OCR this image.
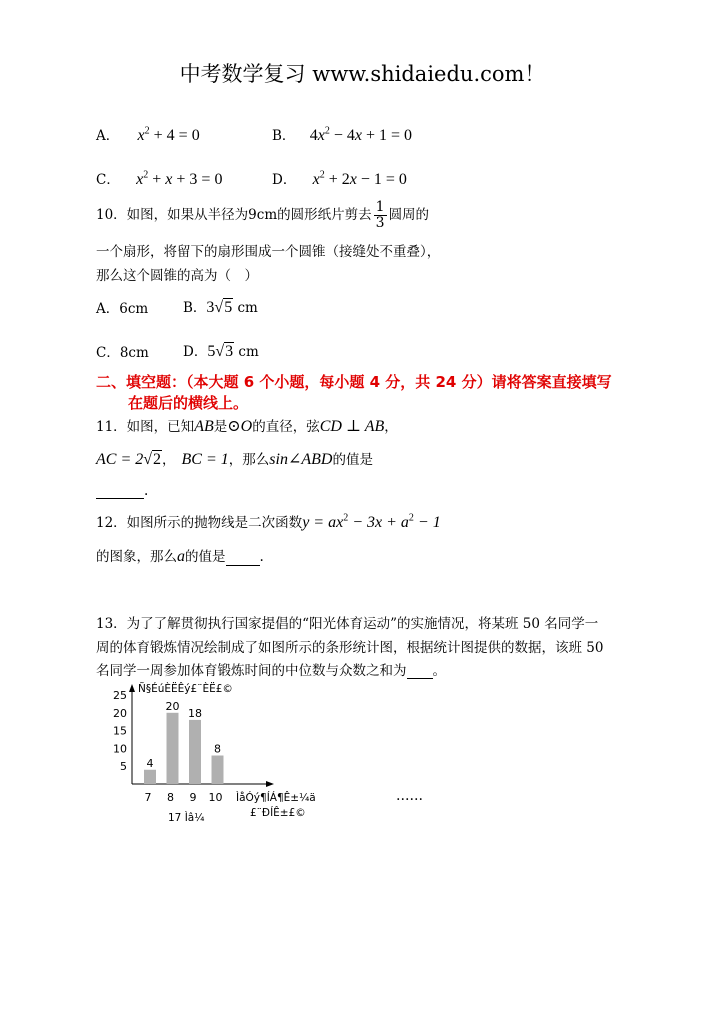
中考数学复习 www.shidaiedu.com！
A． $x^2 + 4 = 0$	B． $4x^2 - 4x + 1 = 0$
C． $x^2 + x + 3 = 0$	D． $x^2 + 2x - 1 = 0$
10．如图，如果从半径为9cm的圆形纸片剪去 $\frac{1}{3}$ 圆周的
一个扇形，将留下的扇形围成一个圆锥（接缝处不重叠），
那么这个圆锥的高为（　）
A．6cm	B．3√5 cm
C．8cm	D．5√3 cm
二、填空题：（本大题 6 个小题，每小题 4 分，共 24 分）请将答案直接填写
在题后的横线上。
11．如图，已知AB是⊙O的直径，弦CD ⊥ AB，
AC = 2√2， BC = 1，那么sin∠ABD的值是
.
12．如图所示的抛物线是二次函数$y = ax^2 - 3x + a^2 - 1$
的图象，那么a的值是	.
13．为了了解贯彻执行国家提倡的“阳光体育运动”的实施情况，将某班 50 名同学一
周的体育锻炼情况绘制成了如图所示的条形统计图，根据统计图提供的数据，该班 50
名同学一周参加体育锻炼时间的中位数与众数之和为 。
Ñ§ÉúÈËÊý£¨ÈË£©
5
10
15
20
25
4
20
18
8
7 8 9 10 ÌåÓý¶ÍÁ¶Ê±¼ä
£¨ÐÍÊ±£©
17 Ìâ¼
……
